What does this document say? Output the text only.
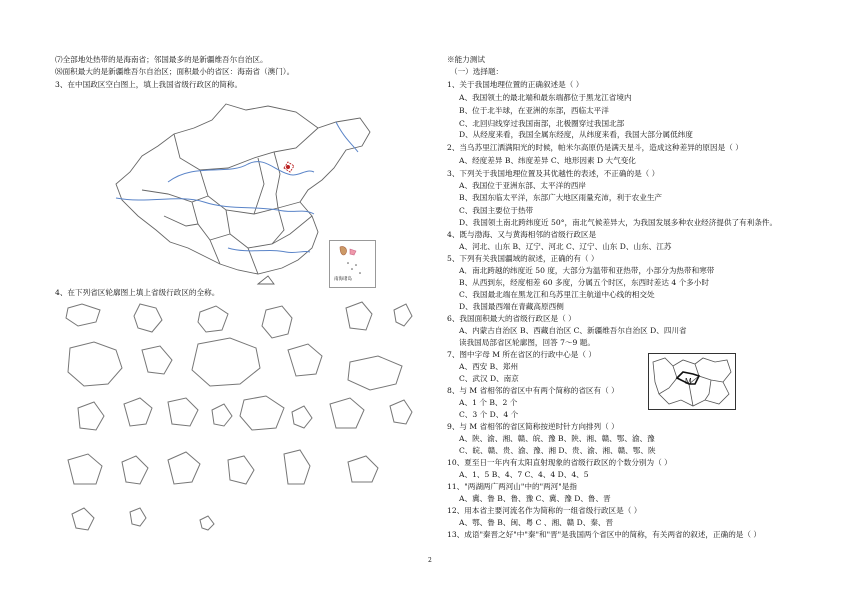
⑺全部地处热带的是海南省；邻国最多的是新疆维吾尔自治区。
⑻面积最大的是新疆维吾尔自治区；面积最小的省区：海南省（澳门）。
3、在中国政区空白图上，填上我国省级行政区的简称。
南海诸岛
4、在下列省区轮廓图上填上省级行政区的全称。
※能力测试
（一）选择题：
1、关于我国地理位置的正确叙述是（ ）
A、我国领土的最北端和最东端都位于黑龙江省境内
B、位于北半球，在亚洲的东部，西临太平洋
C、北回归线穿过我国南部，北极圈穿过我国北部
D、从经度来看，我国全属东经度，从纬度来看，我国大部分属低纬度
2、当乌苏里江洒满阳光的时候，帕米尔高原仍是满天星斗，造成这种差异的原因是（ ）
A、经度差异 B、纬度差异 C、地形因素 D 大气变化
3、下列关于我国地理位置及其优越性的表述，不正确的是（ ）
A、我国位于亚洲东部、太平洋的西岸
B、我国东临太平洋，东部广大地区雨量充沛，利于农业生产
C、我国主要位于热带
D、我国领土南北跨纬度近 50°，南北气候差异大，为我国发展多种农业经济提供了有利条件。
4、既与渤海、又与黄海相邻的省级行政区是
A、河北、山东 B、辽宁、河北 C、辽宁、山东 D、山东、江苏
5、下列有关我国疆域的叙述，正确的有（ ）
A．南北跨越的纬度近 50 度，大部分为温带和亚热带，小部分为热带和寒带
B、从西到东，经度相差 60 多度，分属五个时区，东西时差达 4 个多小时
C、我国最北端在黑龙江和乌苏里江主航道中心线的相交处
D、我国最西端在青藏高原西侧
6、我国面积最大的省级行政区是（ ）
A、内蒙古自治区 B、西藏自治区 C、新疆维吾尔自治区 D、四川省
读我国局部省区轮廓图，回答 7～9 题。
7、图中字母 M 所在省区的行政中心是（ ）
A、西安 B、郑州
C、武汉 D、南京
8、与 M 省相邻的省区中有两个简称的省区有（ ）
A、1 个 B、2 个
C、3 个 D、4 个
9、与 M 省相邻的省区简称按逆时针方向排列（ ）
A、陕、渝、湘、赣、皖、豫 B、陕、湘、赣、鄂、渝、豫
C、皖、赣、贵、渝、豫、湘 D、贵、渝、湘、赣、鄂、陕
10、夏至日一年内有太阳直射现象的省级行政区的个数分别为（ ）
A、1、5 B、4、7 C、4、4 D、4、5
11、"两湖两广两河山"中的"两河"是指
A、冀、鲁 B、鲁、豫 C、冀、豫 D、鲁、晋
12、用本省主要河流名作为简称的一组省级行政区是（ ）
A、鄂、鲁 B、闽、粤 C 、湘、赣 D、秦、晋
13、成语"秦晋之好"中"秦"和"晋"是我国两个省区中的简称，有关两省的叙述，正确的是（ ）
M
2
